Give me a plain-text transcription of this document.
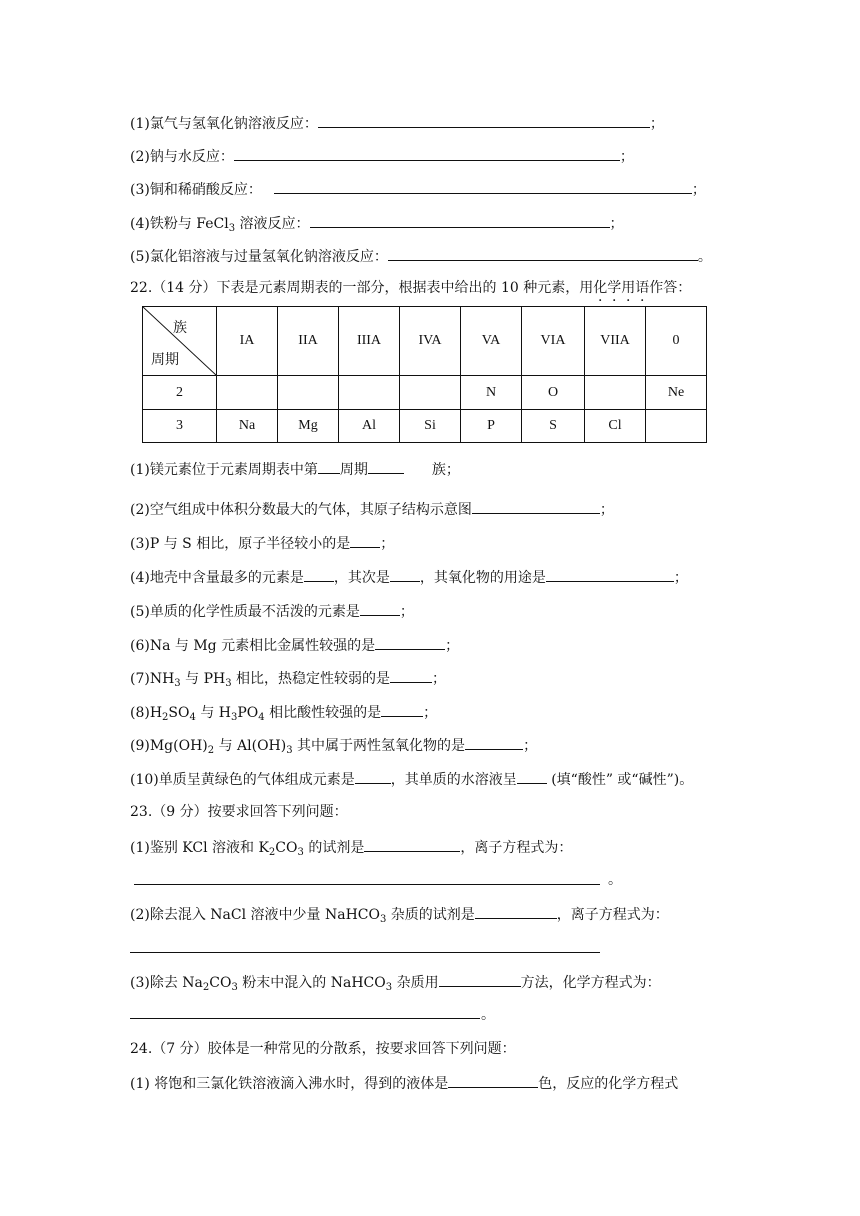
(1)氯气与氢氧化钠溶液反应：	；
(2)钠与水反应：	；
(3)铜和稀硝酸反应：	；
(4)铁粉与 FeCl$_3$ 溶液反应：	；
(5)氯化铝溶液与过量氢氧化钠溶液反应：	。
22.（14 分）下表是元素周期表的一部分，根据表中给出的 10 种元素，用化学用语作答：
族
周期	IA	IIA	IIIA	IVA	VA	VIA	VIIA	0
2					N	O		Ne
3	Na	Mg	Al	Si	P	S	Cl	
(1)镁元素位于元素周期表中第 周期	族；
(2)空气组成中体积分数最大的气体，其原子结构示意图	；
(3)P 与 S 相比，原子半径较小的是 ；
(4)地壳中含量最多的元素是 ，其次是 ，其氧化物的用途是	；
(5)单质的化学性质最不活泼的元素是	；
(6)Na 与 Mg 元素相比金属性较强的是	；
$(7)NH_3$ 与 $PH_3$ 相比，热稳定性较弱的是	；
$(8)H_2SO_4$ 与 $H_3PO_4$ 相比酸性较强的是	；
$(9)Mg(OH)_2$ 与 $Al(OH)_3$ 其中属于两性氢氧化物的是	；
(10)单质呈黄绿色的气体组成元素是	，其单质的水溶液呈 (填“酸性” 或“碱性”)。
23.（9 分）按要求回答下列问题：
(1)鉴别 KCl 溶液和 $K_2CO_3$ 的试剂是	，离子方程式为：
。
(2)除去混入 NaCl 溶液中少量 NaHCO$_3$ 杂质的试剂是	，离子方程式为：
(3)除去 $Na_2CO_3$ 粉末中混入的 NaHCO$_3$ 杂质用	方法，化学方程式为：
。
24.（7 分）胶体是一种常见的分散系，按要求回答下列问题：
(1) 将饱和三氯化铁溶液滴入沸水时，得到的液体是	色，反应的化学方程式
